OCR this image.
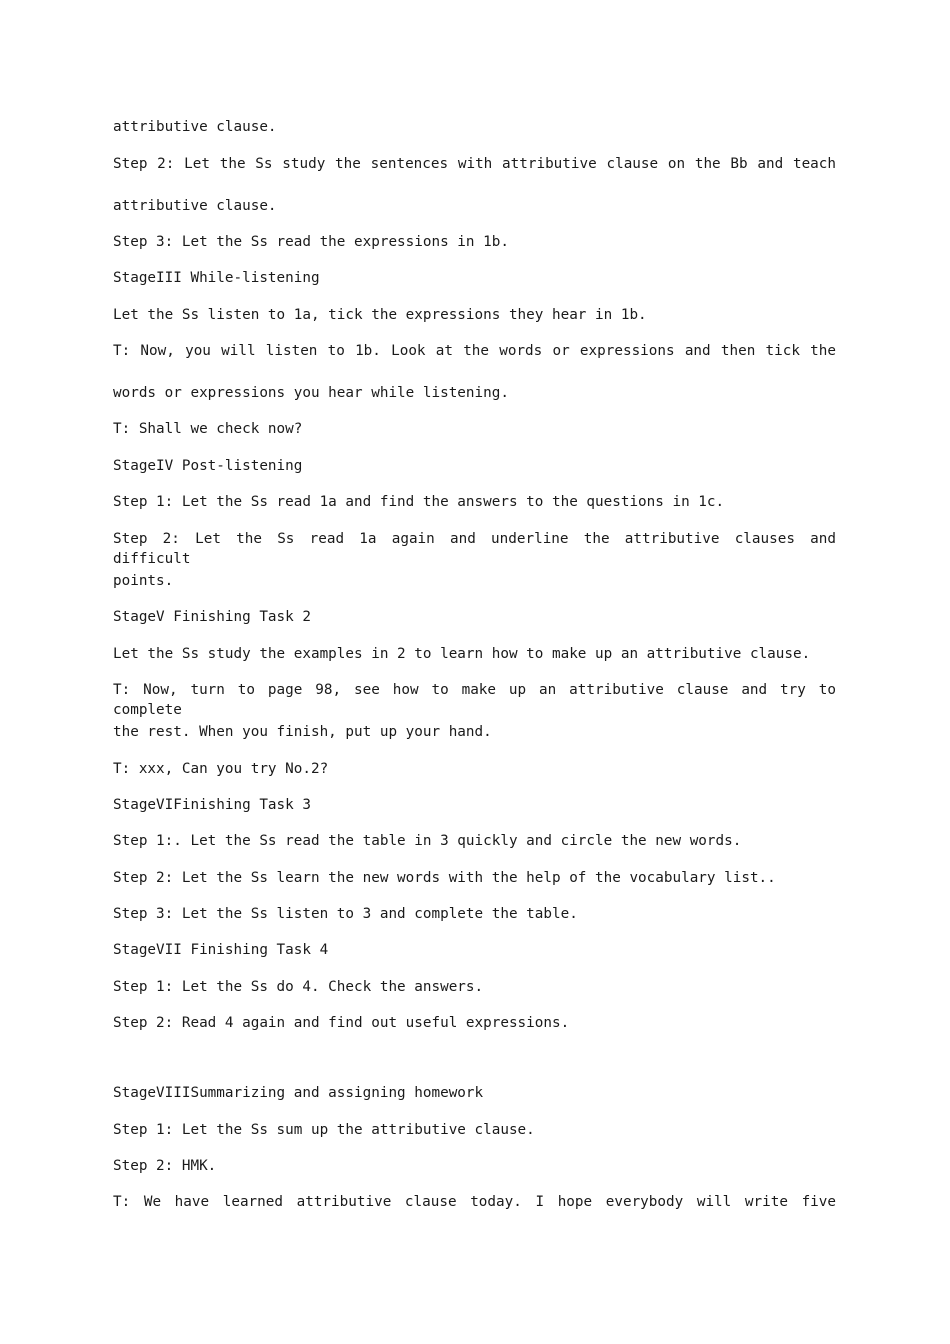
attributive clause.

Step 2: Let the Ss study the sentences with attributive clause on the Bb and teach

attributive clause.

Step 3: Let the Ss read the expressions in 1b.

StageIII While-listening

Let the Ss listen to 1a, tick the expressions they hear in 1b.

T: Now, you will listen to 1b. Look at the words or expressions and then tick the

words or expressions you hear while listening.

T: Shall we check now?

StageIV Post-listening

Step 1: Let the Ss read 1a and find the answers to the questions in 1c.

Step 2: Let the Ss read 1a again and underline the attributive clauses and difficult

points.

StageV Finishing Task 2

Let the Ss study the examples in 2 to learn how to make up an attributive clause.

T: Now, turn to page 98, see how to make up an attributive clause and try to complete

the rest. When you finish, put up your hand.

T: xxx, Can you try No.2?

StageVIFinishing Task 3

Step 1:. Let the Ss read the table in 3 quickly and circle the new words.

Step 2: Let the Ss learn the new words with the help of the vocabulary list..

Step 3: Let the Ss listen to 3 and complete the table.

StageVII Finishing Task 4

Step 1: Let the Ss do 4. Check the answers.

Step 2: Read 4 again and find out useful expressions.

StageVIIISummarizing and assigning homework

Step 1: Let the Ss sum up the attributive clause.

Step 2: HMK.

T: We have learned attributive clause today. I hope everybody will write five
